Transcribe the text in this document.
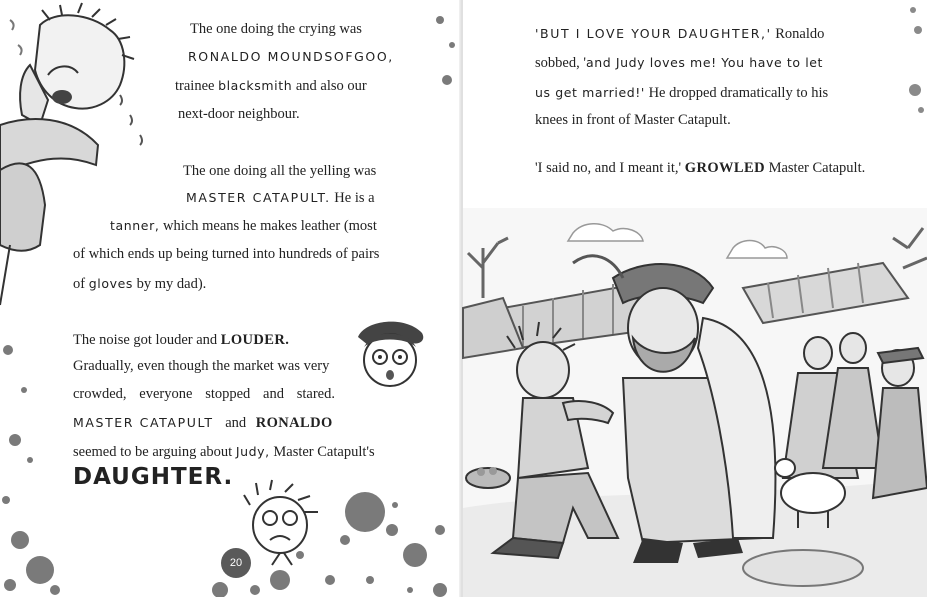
The one doing the crying was
RONALDO MOUNDSOFGOO,
trainee blacksmith and also our
next-door neighbour.
The one doing all the yelling was
MASTER CATAPULT. He is a
tanner, which means he makes leather (most
of which ends up being turned into hundreds of pairs
of gloves by my dad).
The noise got louder and LOUDER.
Gradually, even though the market was very
crowded, everyone stopped and stared.
MASTER CATAPULT and RONALDO
seemed to be arguing about Judy, Master Catapult's
DAUGHTER.
20
'BUT I LOVE YOUR DAUGHTER,' Ronaldo
sobbed, 'and Judy loves me! You have to let
us get married!' He dropped dramatically to his
knees in front of Master Catapult.
'I said no, and I meant it,' GROWLED Master Catapult.
